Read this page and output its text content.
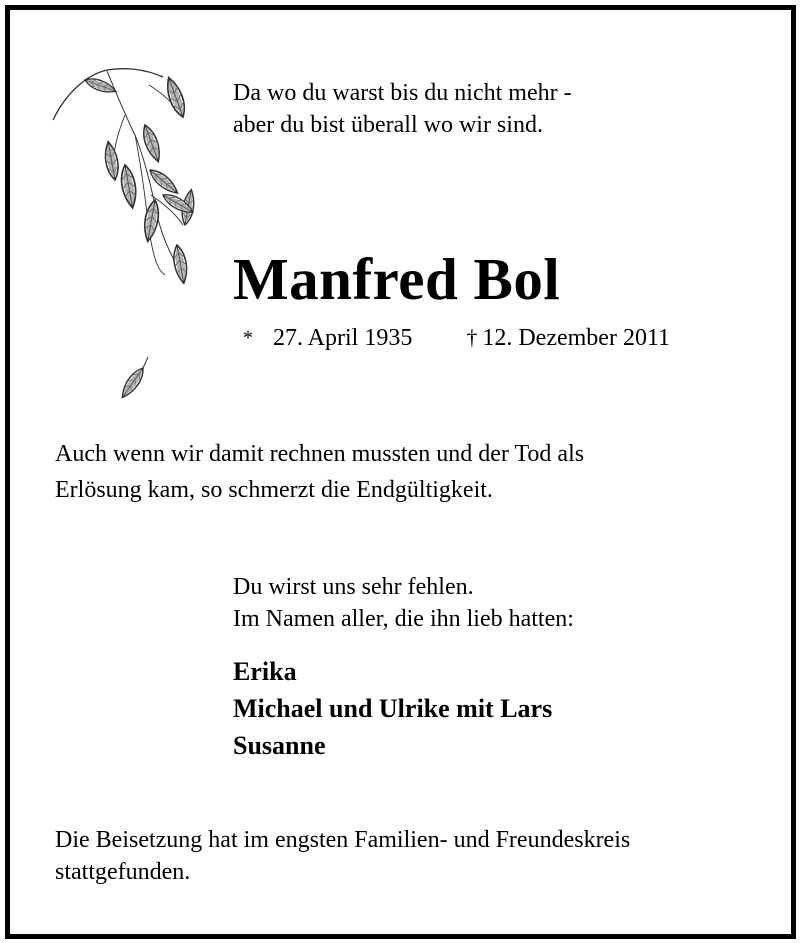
Da wo du warst bis du nicht mehr -
aber du bist überall wo wir sind.
Manfred Bol
* 27. April 1935 † 12. Dezember 2011
Auch wenn wir damit rechnen mussten und der Tod als
Erlösung kam, so schmerzt die Endgültigkeit.
Du wirst uns sehr fehlen.
Im Namen aller, die ihn lieb hatten:
Erika
Michael und Ulrike mit Lars
Susanne
Die Beisetzung hat im engsten Familien- und Freundeskreis
stattgefunden.
